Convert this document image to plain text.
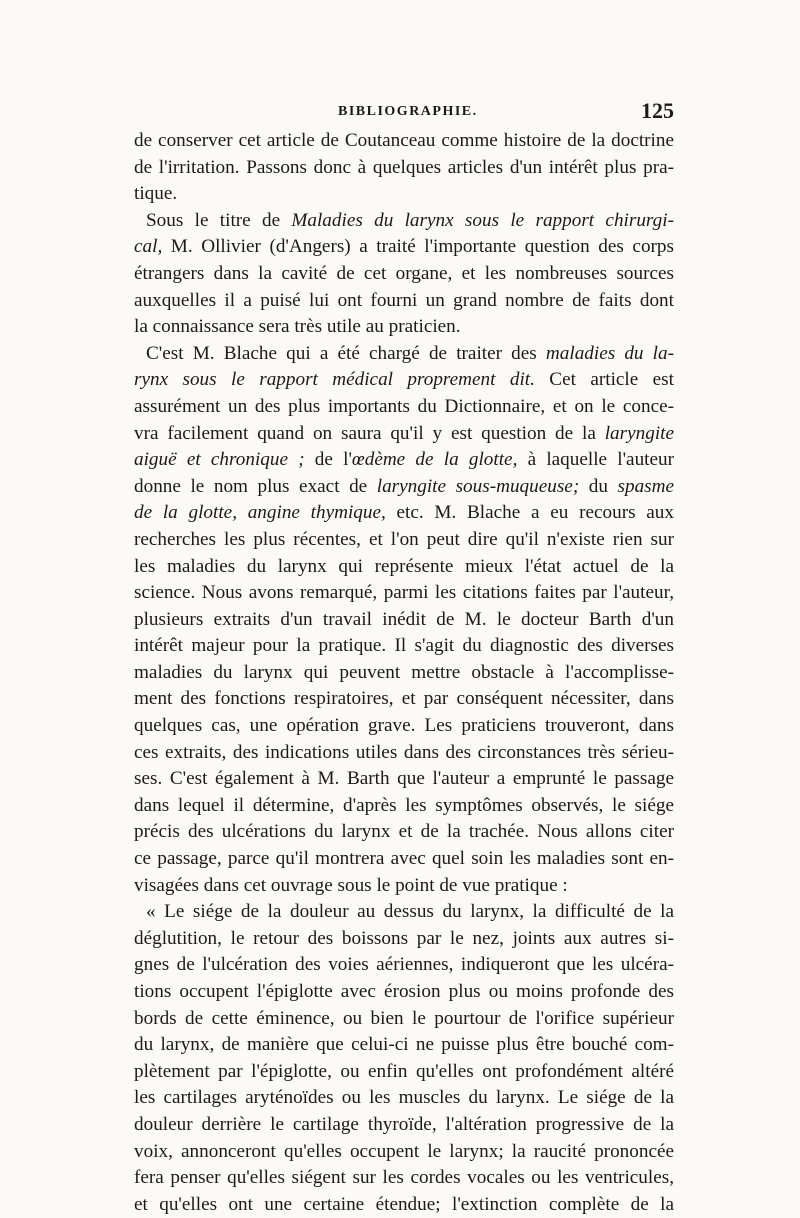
BIBLIOGRAPHIE.	125
de conserver cet article de Coutanceau comme histoire de la doctrine
de l'irritation. Passons donc à quelques articles d'un intérêt plus pra-
tique.
Sous le titre de Maladies du larynx sous le rapport chirurgi-
cal, M. Ollivier (d'Angers) a traité l'importante question des corps
étrangers dans la cavité de cet organe, et les nombreuses sources
auxquelles il a puisé lui ont fourni un grand nombre de faits dont
la connaissance sera très utile au praticien.
C'est M. Blache qui a été chargé de traiter des maladies du la-
rynx sous le rapport médical proprement dit. Cet article est
assurément un des plus importants du Dictionnaire, et on le conce-
vra facilement quand on saura qu'il y est question de la laryngite
aiguë et chronique ; de l'œdème de la glotte, à laquelle l'auteur
donne le nom plus exact de laryngite sous-muqueuse; du spasme
de la glotte, angine thymique, etc. M. Blache a eu recours aux
recherches les plus récentes, et l'on peut dire qu'il n'existe rien sur
les maladies du larynx qui représente mieux l'état actuel de la
science. Nous avons remarqué, parmi les citations faites par l'auteur,
plusieurs extraits d'un travail inédit de M. le docteur Barth d'un
intérêt majeur pour la pratique. Il s'agit du diagnostic des diverses
maladies du larynx qui peuvent mettre obstacle à l'accomplisse-
ment des fonctions respiratoires, et par conséquent nécessiter, dans
quelques cas, une opération grave. Les praticiens trouveront, dans
ces extraits, des indications utiles dans des circonstances très sérieu-
ses. C'est également à M. Barth que l'auteur a emprunté le passage
dans lequel il détermine, d'après les symptômes observés, le siége
précis des ulcérations du larynx et de la trachée. Nous allons citer
ce passage, parce qu'il montrera avec quel soin les maladies sont en-
visagées dans cet ouvrage sous le point de vue pratique :
« Le siége de la douleur au dessus du larynx, la difficulté de la
déglutition, le retour des boissons par le nez, joints aux autres si-
gnes de l'ulcération des voies aériennes, indiqueront que les ulcéra-
tions occupent l'épiglotte avec érosion plus ou moins profonde des
bords de cette éminence, ou bien le pourtour de l'orifice supérieur
du larynx, de manière que celui-ci ne puisse plus être bouché com-
plètement par l'épiglotte, ou enfin qu'elles ont profondément altéré
les cartilages aryténoïdes ou les muscles du larynx. Le siége de la
douleur derrière le cartilage thyroïde, l'altération progressive de la
voix, annonceront qu'elles occupent le larynx; la raucité prononcée
fera penser qu'elles siégent sur les cordes vocales ou les ventricules,
et qu'elles ont une certaine étendue; l'extinction complète de la
